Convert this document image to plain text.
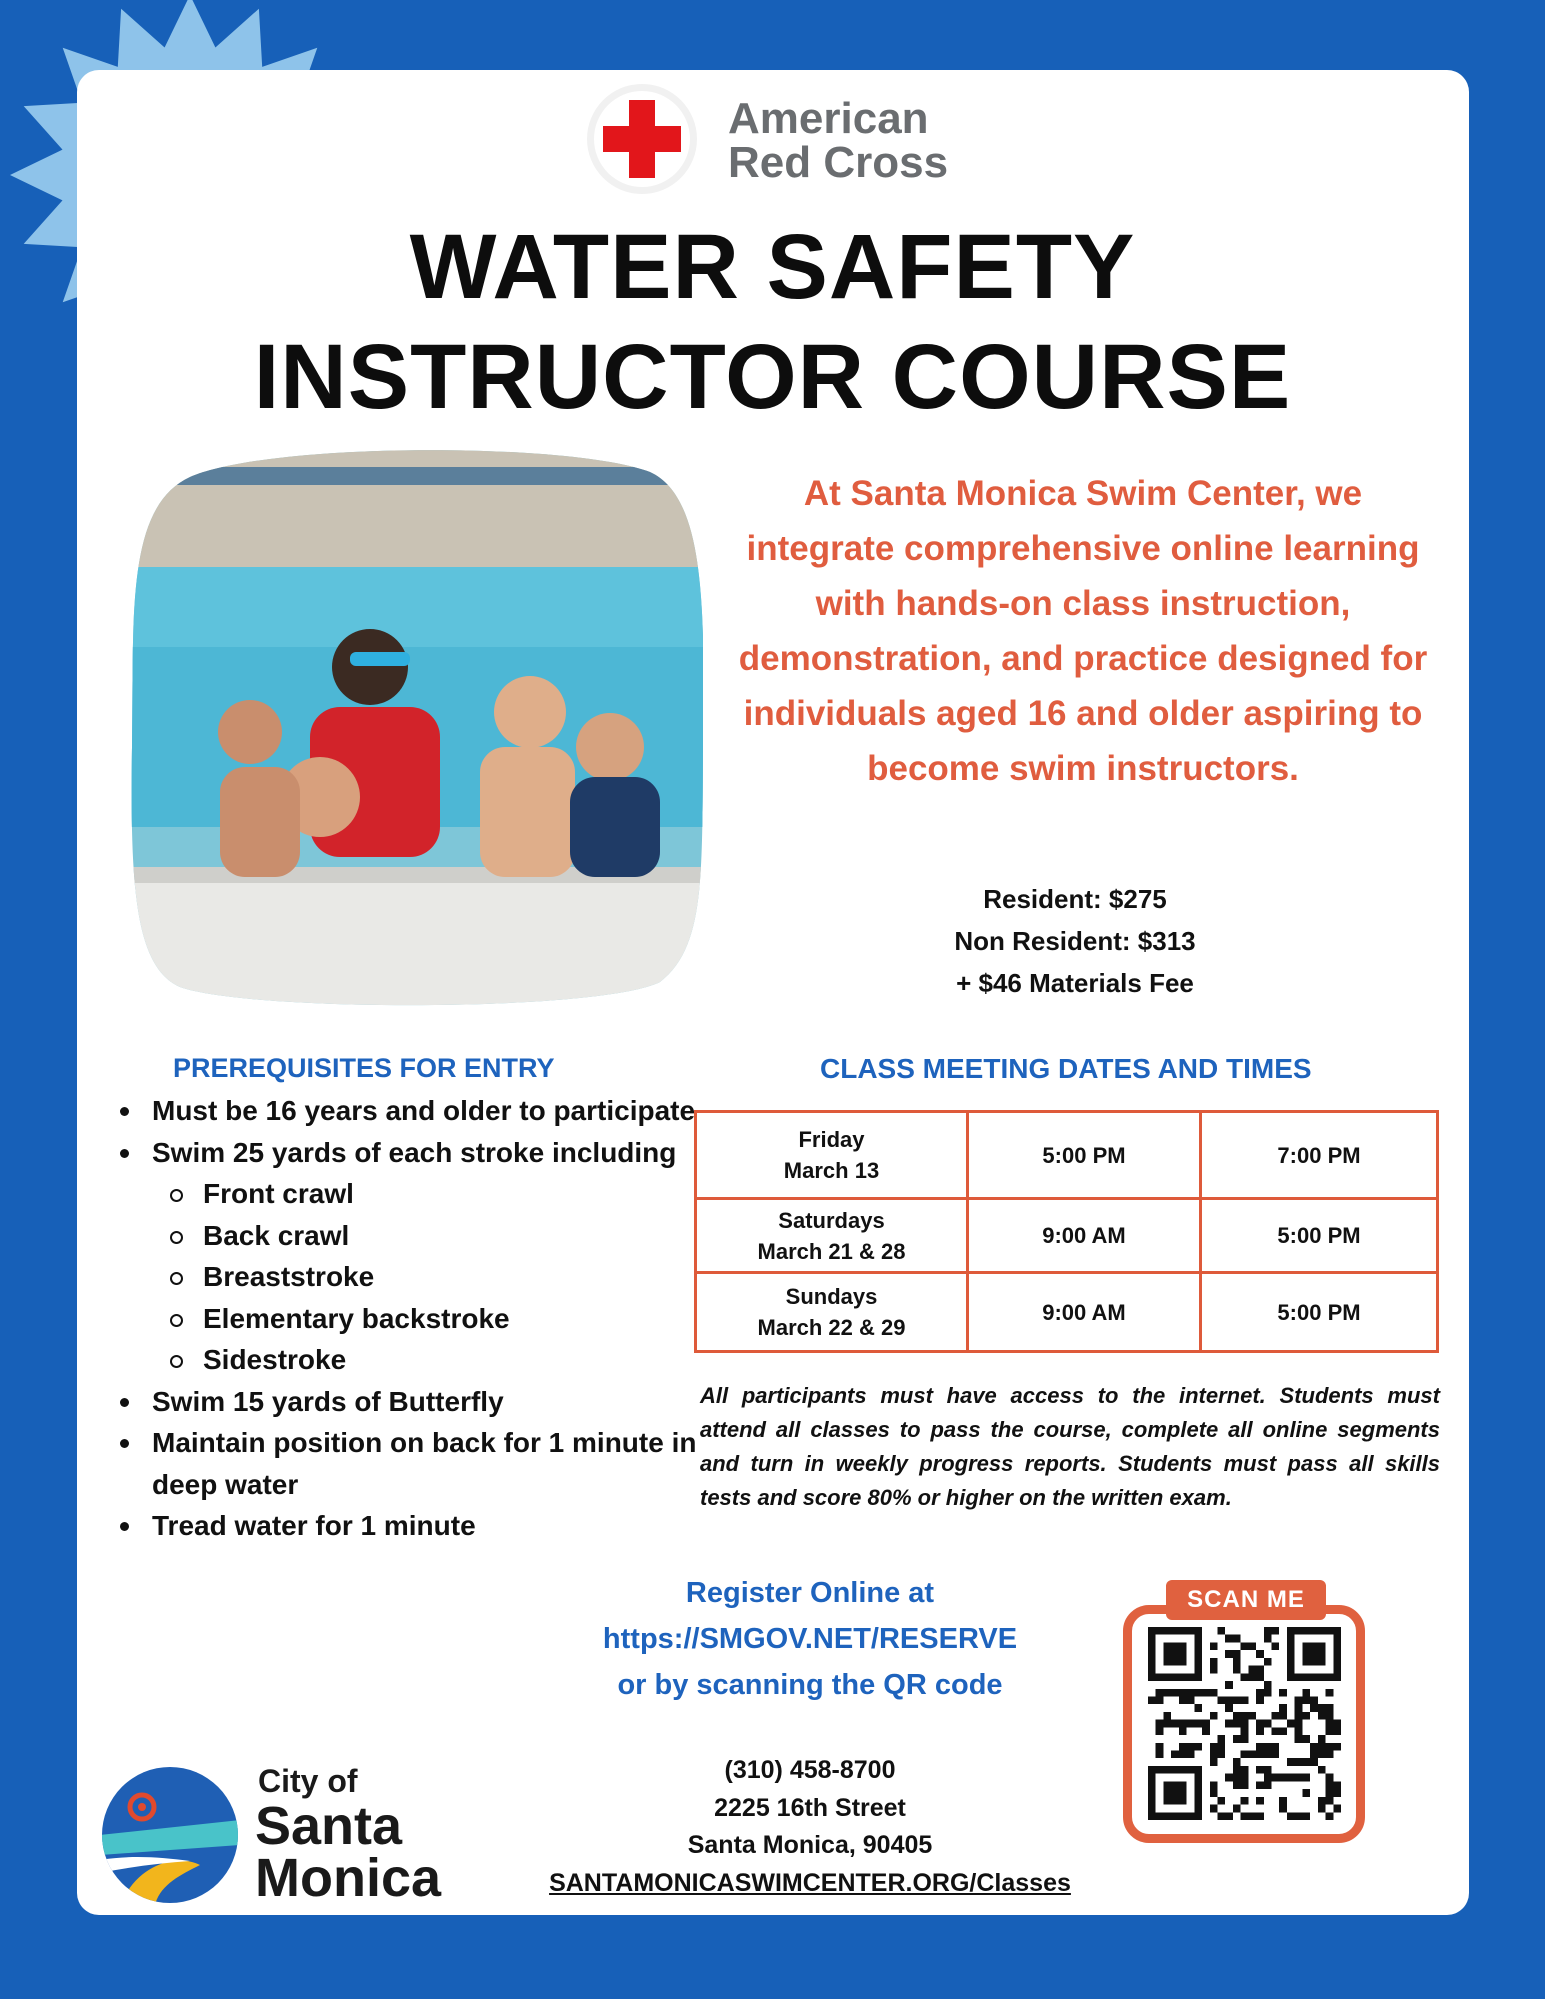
American
Red Cross
WATER SAFETY
INSTRUCTOR COURSE
At Santa Monica Swim Center, we integrate comprehensive online learning with hands-on class instruction, demonstration, and practice designed for individuals aged 16 and older aspiring to become swim instructors.
Resident: $275
Non Resident: $313
+ $46 Materials Fee
PREREQUISITES FOR ENTRY
Must be 16 years and older to participate
Swim 25 yards of each stroke including
Front crawl
Back crawl
Breaststroke
Elementary backstroke
Sidestroke
Swim 15 yards of Butterfly
Maintain position on back for 1 minute in deep water
Tread water for 1 minute
CLASS MEETING DATES AND TIMES
Friday
March 13
5:00 PM	7:00 PM
Saturdays
March 21 & 28
9:00 AM	5:00 PM
Sundays
March 22 & 29
9:00 AM	5:00 PM
All participants must have access to the internet. Students must attend all classes to pass the course, complete all online segments and turn in weekly progress reports. Students must pass all skills tests and score 80% or higher on the written exam.
Register Online at
https://SMGOV.NET/RESERVE
or by scanning the QR code
SCAN ME
(310) 458-8700
2225 16th Street
Santa Monica, 90405
SANTAMONICASWIMCENTER.ORG/Classes
City of
Santa
Monica
